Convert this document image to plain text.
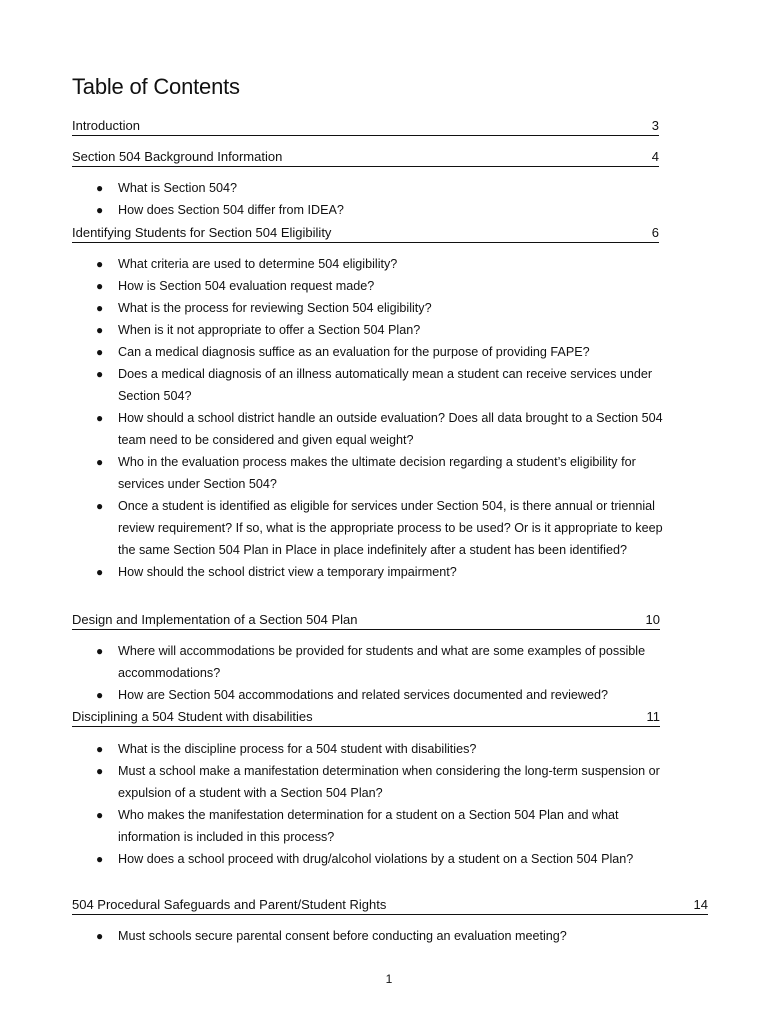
Table of Contents
Introduction	3
Section 504 Background Information	4
● What is Section 504?
● How does Section 504 differ from IDEA?
Identifying Students for Section 504 Eligibility	6
● What criteria are used to determine 504 eligibility?
● How is Section 504 evaluation request made?
● What is the process for reviewing Section 504 eligibility?
● When is it not appropriate to offer a Section 504 Plan?
● Can a medical diagnosis suffice as an evaluation for the purpose of providing FAPE?
● Does a medical diagnosis of an illness automatically mean a student can receive services under Section 504?
● How should a school district handle an outside evaluation? Does all data brought to a Section 504 team need to be considered and given equal weight?
● Who in the evaluation process makes the ultimate decision regarding a student’s eligibility for services under Section 504?
● Once a student is identified as eligible for services under Section 504, is there annual or triennial review requirement? If so, what is the appropriate process to be used? Or is it appropriate to keep the same Section 504 Plan in Place in place indefinitely after a student has been identified?
● How should the school district view a temporary impairment?
Design and Implementation of a Section 504 Plan	10
● Where will accommodations be provided for students and what are some examples of possible accommodations?
● How are Section 504 accommodations and related services documented and reviewed?
Disciplining a 504 Student with disabilities	11
● What is the discipline process for a 504 student with disabilities?
● Must a school make a manifestation determination when considering the long-term suspension or expulsion of a student with a Section 504 Plan?
● Who makes the manifestation determination for a student on a Section 504 Plan and what information is included in this process?
● How does a school proceed with drug/alcohol violations by a student on a Section 504 Plan?
504 Procedural Safeguards and Parent/Student Rights	14
● Must schools secure parental consent before conducting an evaluation meeting?
1
